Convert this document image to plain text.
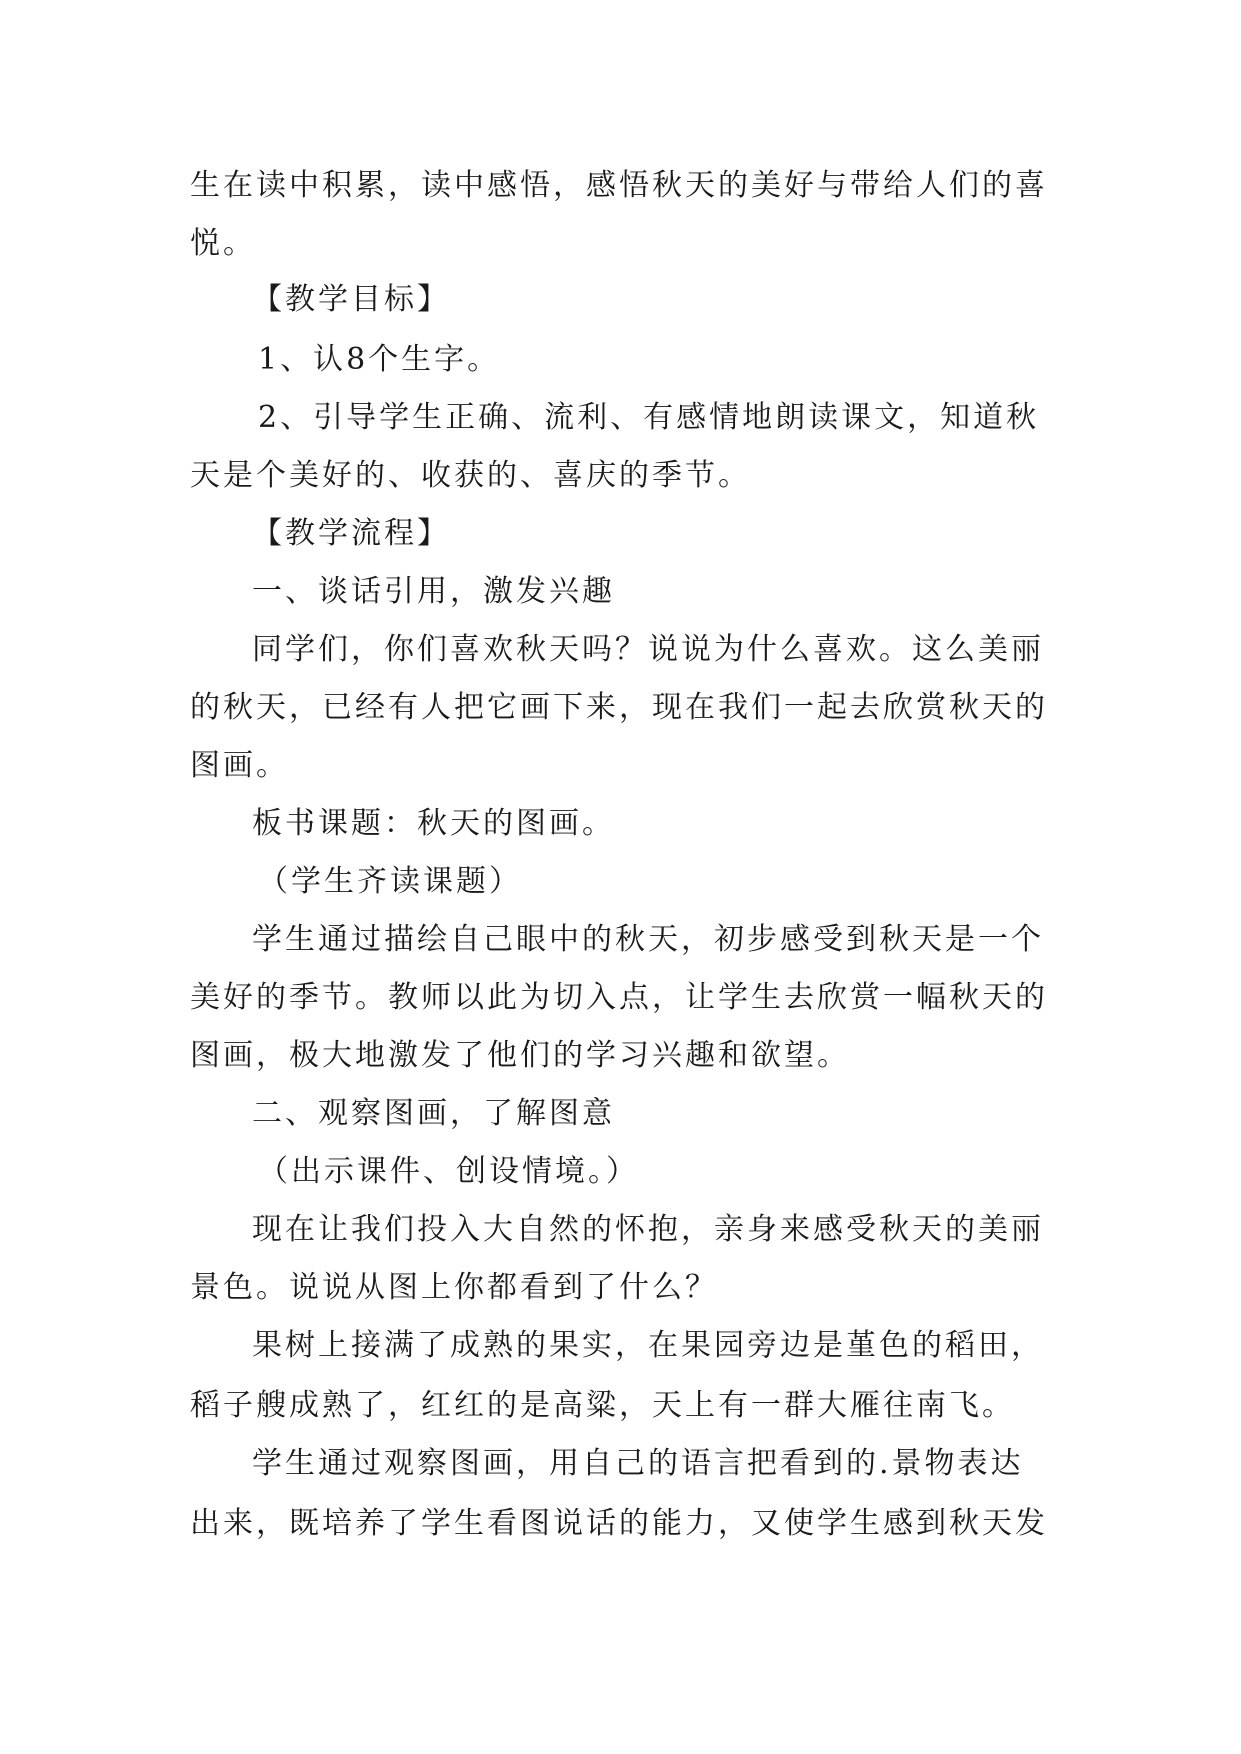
生在读中积累，读中感悟，感悟秋天的美好与带给人们的喜
悦。
【教学目标】
1、认8个生字。
2、引导学生正确、流利、有感情地朗读课文，知道秋
天是个美好的、收获的、喜庆的季节。
【教学流程】
一、谈话引用，激发兴趣
同学们，你们喜欢秋天吗？说说为什么喜欢。这么美丽
的秋天，已经有人把它画下来，现在我们一起去欣赏秋天的
图画。
板书课题：秋天的图画。
（学生齐读课题）
学生通过描绘自己眼中的秋天，初步感受到秋天是一个
美好的季节。教师以此为切入点，让学生去欣赏一幅秋天的
图画，极大地激发了他们的学习兴趣和欲望。
二、观察图画，了解图意
（出示课件、创设情境。）
现在让我们投入大自然的怀抱，亲身来感受秋天的美丽
景色。说说从图上你都看到了什么？
果树上接满了成熟的果实，在果园旁边是堇色的稻田，
稻子艘成熟了，红红的是高粱，天上有一群大雁往南飞。
学生通过观察图画，用自己的语言把看到的.景物表达
出来，既培养了学生看图说话的能力，又使学生感到秋天发
